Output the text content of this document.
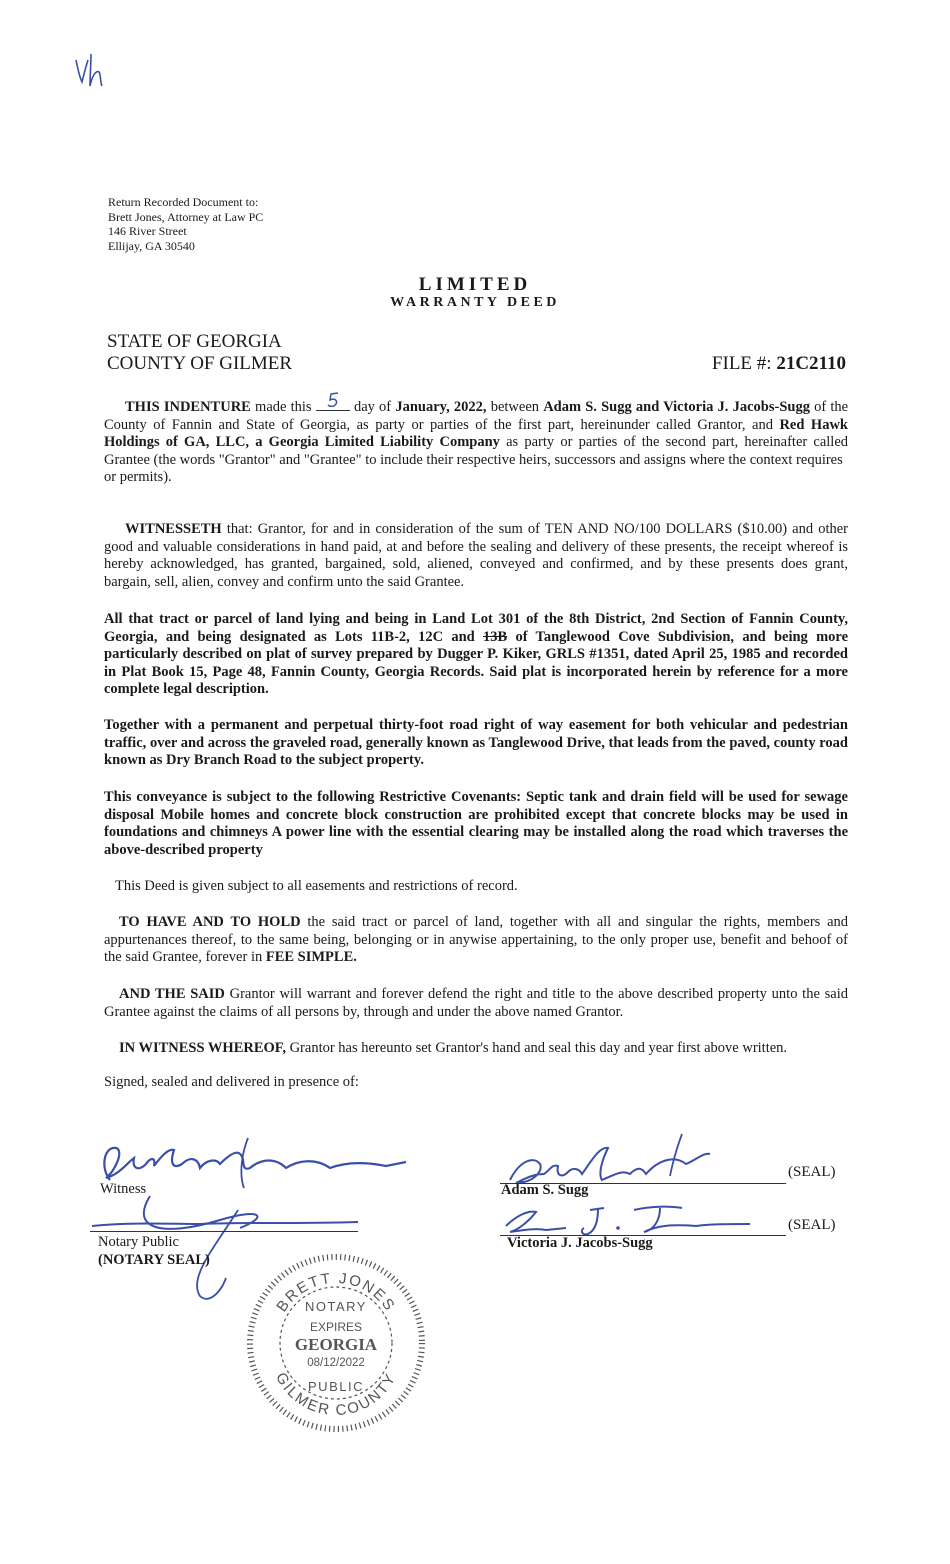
Return Recorded Document to:
Brett Jones, Attorney at Law PC
146 River Street
Ellijay, GA 30540
LIMITED
WARRANTY DEED
STATE OF GEORGIA
COUNTY OF GILMER	FILE #: 21C2110
THIS INDENTURE made this	day of January, 2022, between Adam S. Sugg and Victoria J. Jacobs-Sugg of the County of Fannin and State of Georgia, as party or parties of the first part, hereinunder called Grantor, and Red Hawk Holdings of GA, LLC, a Georgia Limited Liability Company as party or parties of the second part, hereinafter called Grantee (the words "Grantor" and "Grantee" to include their respective heirs, successors and assigns where the context requires
or permits).
WITNESSETH that: Grantor, for and in consideration of the sum of TEN AND NO/100 DOLLARS ($10.00) and other good and valuable considerations in hand paid, at and before the sealing and delivery of these presents, the receipt whereof is hereby acknowledged, has granted, bargained, sold, aliened, conveyed and confirmed, and by these presents does grant, bargain, sell, alien, convey and confirm unto the said Grantee.
All that tract or parcel of land lying and being in Land Lot 301 of the 8th District, 2nd Section of Fannin County, Georgia, and being designated as Lots 11B-2, 12C and 13B of Tanglewood Cove Subdivision, and being more particularly described on plat of survey prepared by Dugger P. Kiker, GRLS #1351, dated April 25, 1985 and recorded in Plat Book 15, Page 48, Fannin County, Georgia Records. Said plat is incorporated herein by reference for a more complete legal description.
Together with a permanent and perpetual thirty-foot road right of way easement for both vehicular and pedestrian traffic, over and across the graveled road, generally known as Tanglewood Drive, that leads from the paved, county road known as Dry Branch Road to the subject property.
This conveyance is subject to the following Restrictive Covenants: Septic tank and drain field will be used for sewage disposal Mobile homes and concrete block construction are prohibited except that concrete blocks may be used in foundations and chimneys A power line with the essential clearing may be installed along the road which traverses the above-described property
This Deed is given subject to all easements and restrictions of record.
TO HAVE AND TO HOLD the said tract or parcel of land, together with all and singular the rights, members and appurtenances thereof, to the same being, belonging or in anywise appertaining, to the only proper use, benefit and behoof of the said Grantee, forever in FEE SIMPLE.
AND THE SAID Grantor will warrant and forever defend the right and title to the above described property unto the said Grantee against the claims of all persons by, through and under the above named Grantor.
IN WITNESS WHEREOF, Grantor has hereunto set Grantor's hand and seal this day and year first above written.
Signed, sealed and delivered in presence of:
Witness
Notary Public
(NOTARY SEAL)
(SEAL)
Adam S. Sugg
(SEAL)
Victoria J. Jacobs-Sugg
BRETT JONES
GILMER COUNTY
NOTARY
EXPIRES
GEORGIA
08/12/2022
PUBLIC
